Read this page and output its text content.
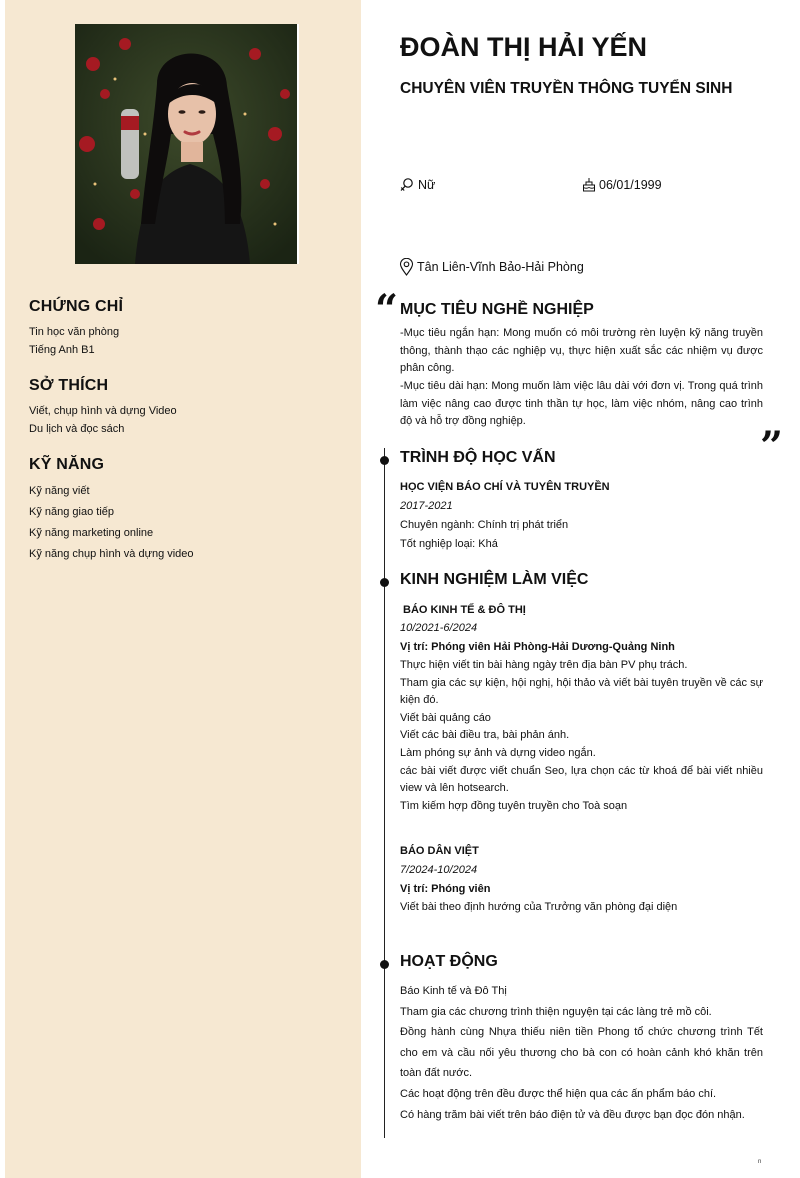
CHỨNG CHỈ
Tin học văn phòng
Tiếng Anh B1
SỞ THÍCH
Viết, chụp hình và dựng Video
Du lịch và đọc sách
KỸ NĂNG
Kỹ năng viết
Kỹ năng giao tiếp
Kỹ năng marketing online
Kỹ năng chụp hình và dựng video
ĐOÀN THỊ HẢI YẾN
CHUYÊN VIÊN TRUYỀN THÔNG TUYỂN SINH
Nữ	06/01/1999
Tân Liên-Vĩnh Bảo-Hải Phòng
“
”
MỤC TIÊU NGHỀ NGHIỆP

-Mục tiêu ngắn hạn: Mong muốn có môi trường rèn luyện kỹ năng truyền thông, thành thạo các nghiệp vụ, thực hiện xuất sắc các nhiệm vụ được phân công.

-Mục tiêu dài hạn: Mong muốn làm việc lâu dài với đơn vị. Trong quá trình làm việc nâng cao được tinh thần tự học, làm việc nhóm, nâng cao trình độ và hỗ trợ đồng nghiệp.

TRÌNH ĐỘ HỌC VẤN

HỌC VIỆN BÁO CHÍ VÀ TUYÊN TRUYỀN

2017-2021

Chuyên ngành: Chính trị phát triển

Tốt nghiệp loại: Khá

KINH NGHIỆM LÀM VIỆC

BÁO KINH TẾ & ĐÔ THỊ

10/2021-6/2024

Vị trí: Phóng viên Hải Phòng-Hải Dương-Quảng Ninh

Thực hiện viết tin bài hàng ngày trên địa bàn PV phụ trách.
Tham gia các sự kiện, hội nghị, hội thảo và viết bài tuyên truyền về các sự kiện đó.
Viết bài quảng cáo
Viết các bài điều tra, bài phản ánh.
Làm phóng sự ảnh và dựng video ngắn.
các bài viết được viết chuẩn Seo, lựa chọn các từ khoá để bài viết nhiều view và lên hotsearch.
Tìm kiếm hợp đồng tuyên truyền cho Toà soạn

BÁO DÂN VIỆT

7/2024-10/2024

Vị trí: Phóng viên

Viết bài theo định hướng của Trưởng văn phòng đại diện
HOẠT ĐỘNG
Báo Kinh tế và Đô Thị
Tham gia các chương trình thiện nguyện tại các làng trẻ mồ côi.
Đồng hành cùng Nhựa thiếu niên tiền Phong tổ chức chương trình Tết cho em và cầu nối yêu thương cho bà con có hoàn cảnh khó khăn trên toàn đất nước.
Các hoạt động trên đều được thể hiện qua các ấn phẩm báo chí.
Có hàng trăm bài viết trên báo điện tử và đều được bạn đọc đón nhận.
n
